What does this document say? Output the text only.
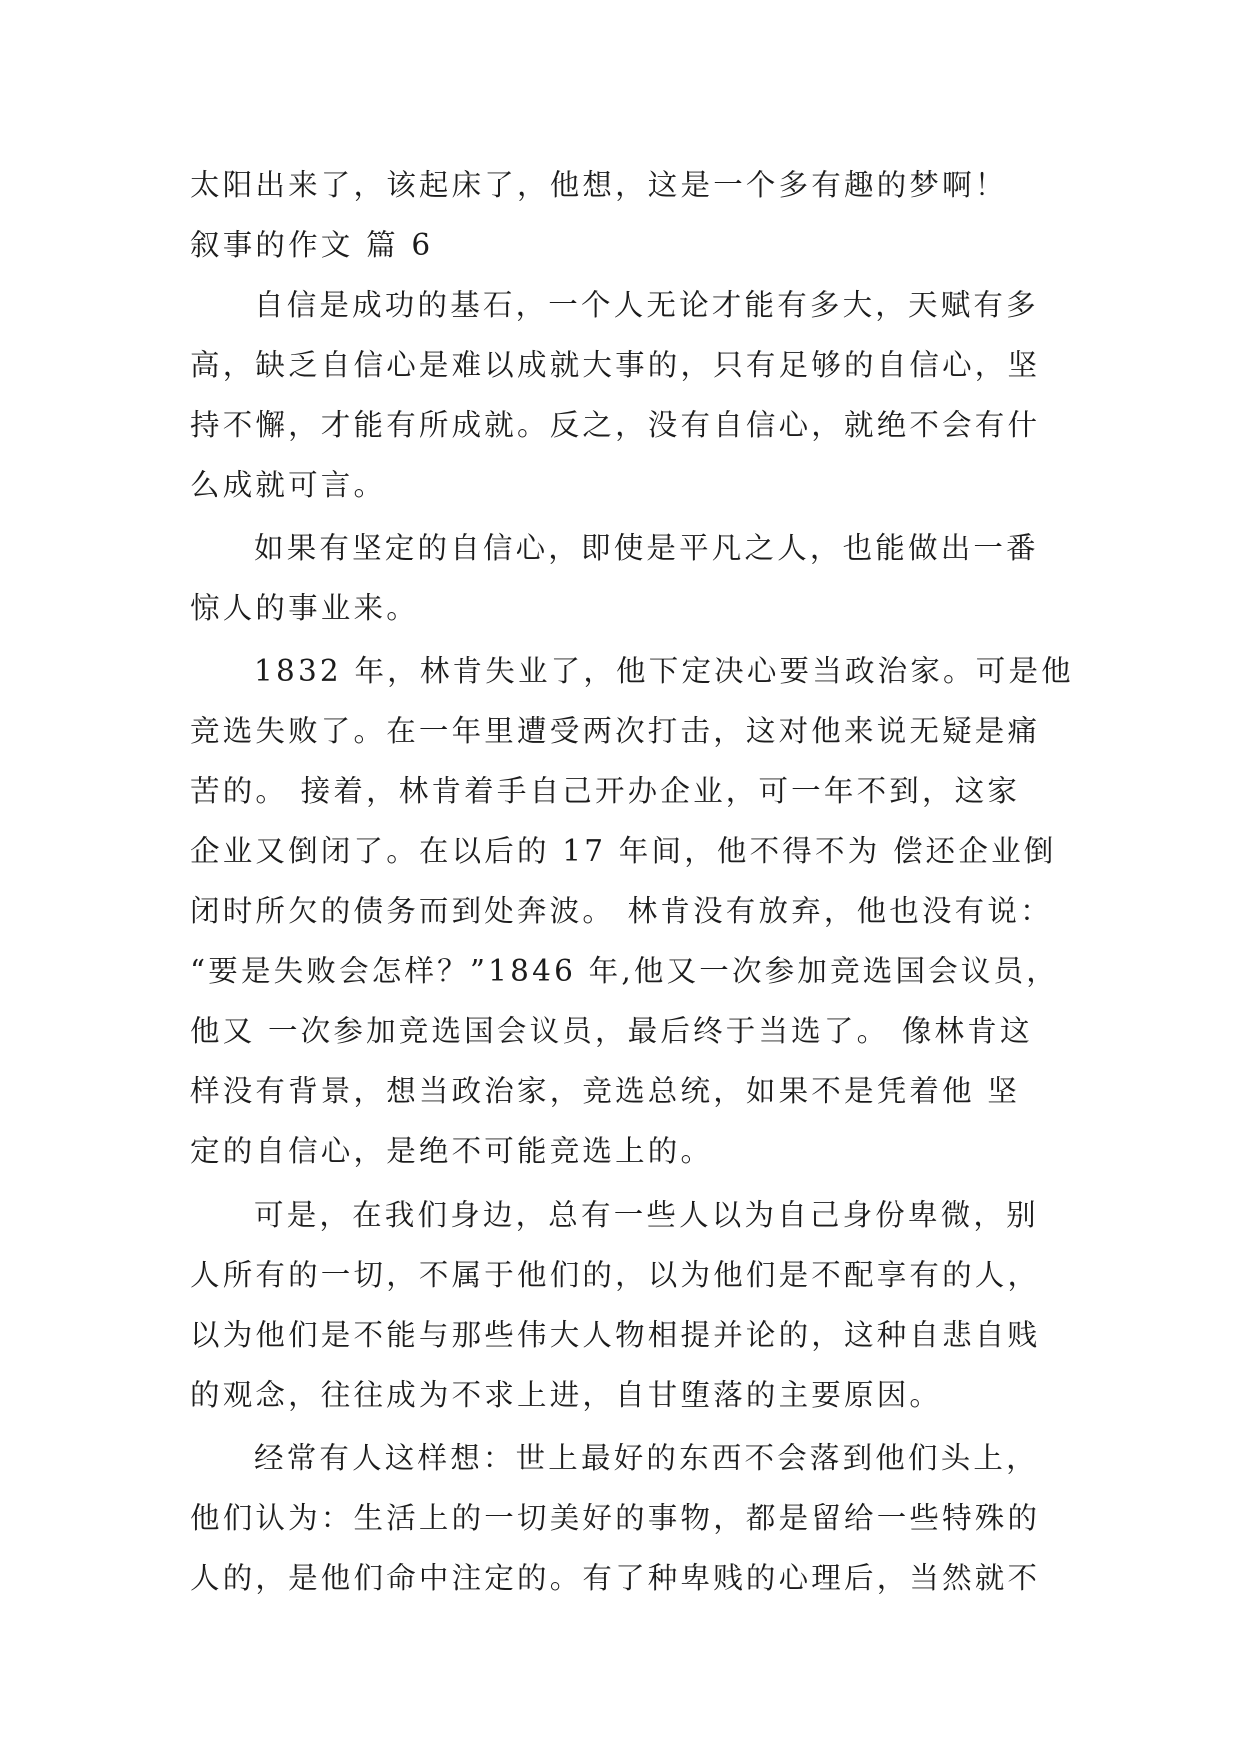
太阳出来了，该起床了，他想，这是一个多有趣的梦啊！
叙事的作文 篇 6
自信是成功的基石，一个人无论才能有多大，天赋有多
高，缺乏自信心是难以成就大事的，只有足够的自信心，坚
持不懈，才能有所成就。反之，没有自信心，就绝不会有什
么成就可言。
如果有坚定的自信心，即使是平凡之人，也能做出一番
惊人的事业来。
1832 年，林肯失业了，他下定决心要当政治家。可是他
竞选失败了。在一年里遭受两次打击，这对他来说无疑是痛
苦的。 接着，林肯着手自己开办企业，可一年不到，这家
企业又倒闭了。在以后的 17 年间，他不得不为 偿还企业倒
闭时所欠的债务而到处奔波。 林肯没有放弃，他也没有说：
“要是失败会怎样？”1846 年,他又一次参加竞选国会议员，
他又 一次参加竞选国会议员，最后终于当选了。 像林肯这
样没有背景，想当政治家，竞选总统，如果不是凭着他 坚
定的自信心，是绝不可能竞选上的。
可是，在我们身边，总有一些人以为自己身份卑微，别
人所有的一切，不属于他们的，以为他们是不配享有的人，
以为他们是不能与那些伟大人物相提并论的，这种自悲自贱
的观念，往往成为不求上进，自甘堕落的主要原因。
经常有人这样想：世上最好的东西不会落到他们头上，
他们认为：生活上的一切美好的事物，都是留给一些特殊的
人的，是他们命中注定的。有了种卑贱的心理后，当然就不
